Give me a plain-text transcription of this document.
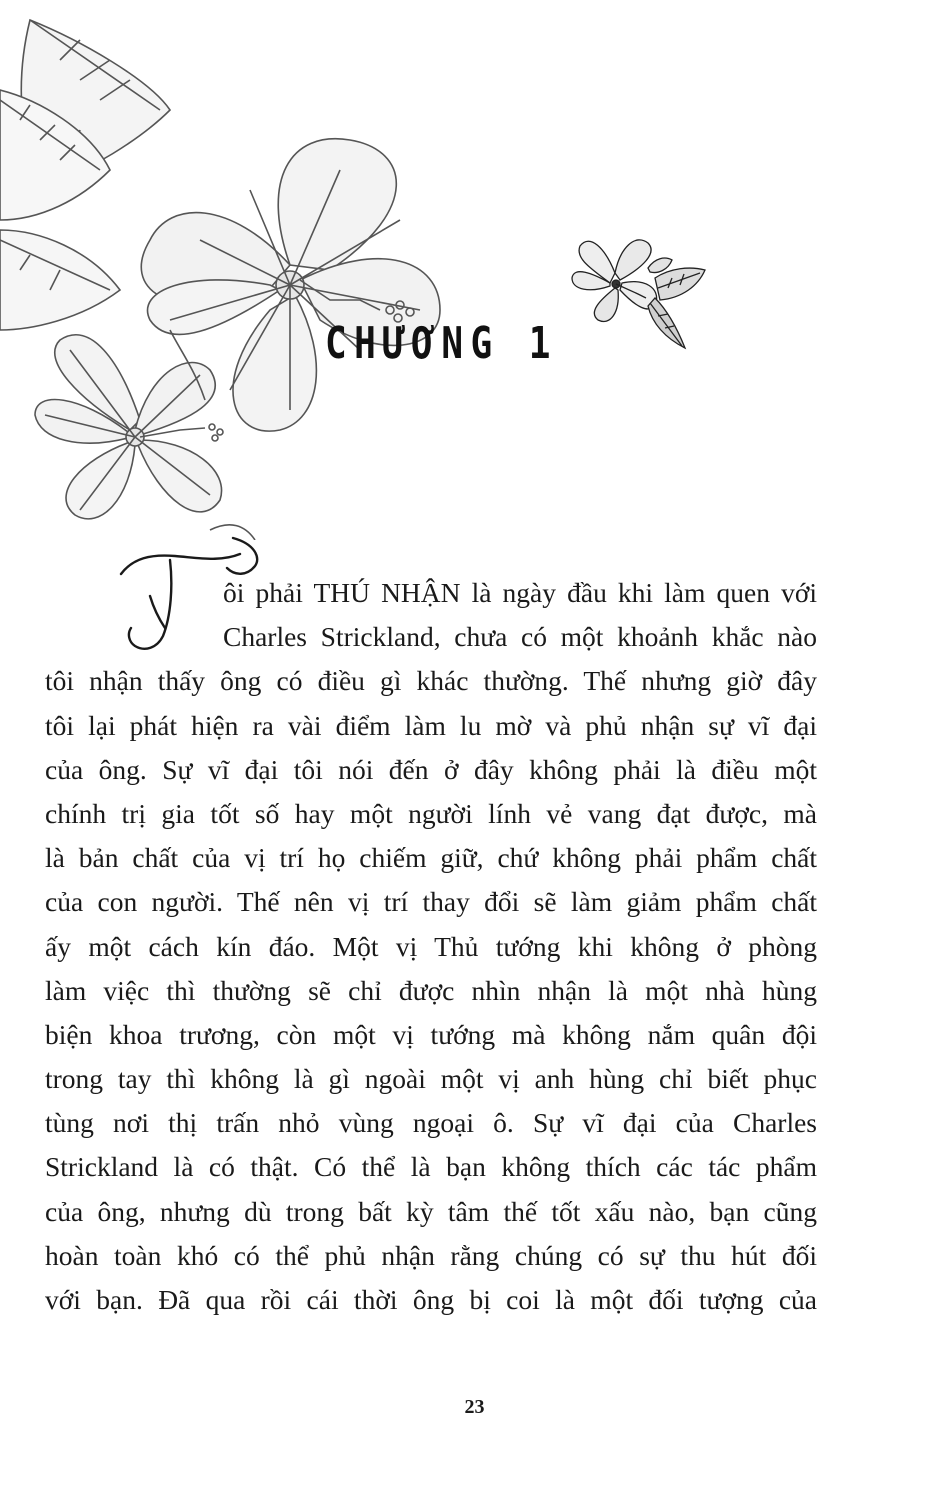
CHƯƠNG 1
ôi phải THÚ NHẬN là ngày đầu khi làm quen với
Charles Strickland, chưa có một khoảnh khắc nào
tôi nhận thấy ông có điều gì khác thường. Thế nhưng giờ đây
tôi lại phát hiện ra vài điểm làm lu mờ và phủ nhận sự vĩ đại
của ông. Sự vĩ đại tôi nói đến ở đây không phải là điều một
chính trị gia tốt số hay một người lính vẻ vang đạt được, mà
là bản chất của vị trí họ chiếm giữ, chứ không phải phẩm chất
của con người. Thế nên vị trí thay đổi sẽ làm giảm phẩm chất
ấy một cách kín đáo. Một vị Thủ tướng khi không ở phòng
làm việc thì thường sẽ chỉ được nhìn nhận là một nhà hùng
biện khoa trương, còn một vị tướng mà không nắm quân đội
trong tay thì không là gì ngoài một vị anh hùng chỉ biết phục
tùng nơi thị trấn nhỏ vùng ngoại ô. Sự vĩ đại của Charles
Strickland là có thật. Có thể là bạn không thích các tác phẩm
của ông, nhưng dù trong bất kỳ tâm thế tốt xấu nào, bạn cũng
hoàn toàn khó có thể phủ nhận rằng chúng có sự thu hút đối
với bạn. Đã qua rồi cái thời ông bị coi là một đối tượng của
23
